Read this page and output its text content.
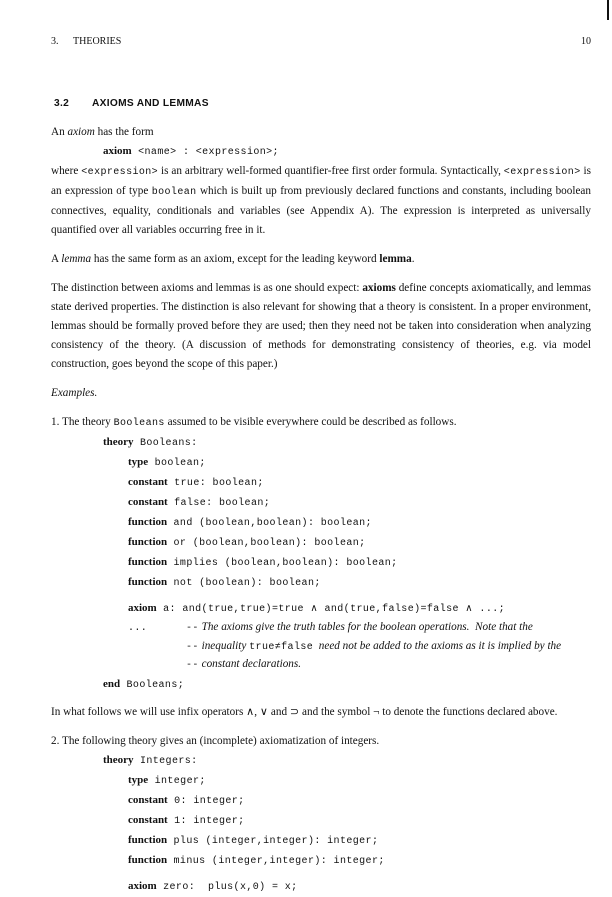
3. THEORIES	10
3.2 AXIOMS AND LEMMAS

An axiom has the form

axiom <name> : <expression>;

where <expression> is an arbitrary well-formed quantifier-free first order formula. Syntactically, <expression> is an expression of type boolean which is built up from previously declared functions and constants, including boolean connectives, equality, conditionals and variables (see Appendix A). The expression is interpreted as universally quantified over all variables occurring free in it.

A lemma has the same form as an axiom, except for the leading keyword lemma.

The distinction between axioms and lemmas is as one should expect: axioms define concepts axiomatically, and lemmas state derived properties. The distinction is also relevant for showing that a theory is consistent. In a proper environment, lemmas should be formally proved before they are used; then they need not be taken into consideration when analyzing consistency of the theory. (A discussion of methods for demonstrating consistency of theories, e.g. via model construction, goes beyond the scope of this paper.)

Examples.

1. The theory Booleans assumed to be visible everywhere could be described as follows.

theory Booleans:
type boolean;
constant true: boolean;
constant false: boolean;
function and (boolean,boolean): boolean;
function or (boolean,boolean): boolean;
function implies (boolean,boolean): boolean;
function not (boolean): boolean;
axiom a: and(true,true)=true ∧ and(true,false)=false ∧ ...;
...	-- The axioms give the truth tables for the boolean operations.  Note that the
-- inequality true≠false  need not be added to the axioms as it is implied by the
-- constant declarations.
end Booleans;

In what follows we will use infix operators ∧, ∨ and ⊃ and the symbol ¬ to denote the functions declared above.

2. The following theory gives an (incomplete) axiomatization of integers.

theory Integers:
type integer;
constant 0: integer;
constant 1: integer;
function plus (integer,integer): integer;
function minus (integer,integer): integer;
axiom zero:  plus(x,0) = x;
